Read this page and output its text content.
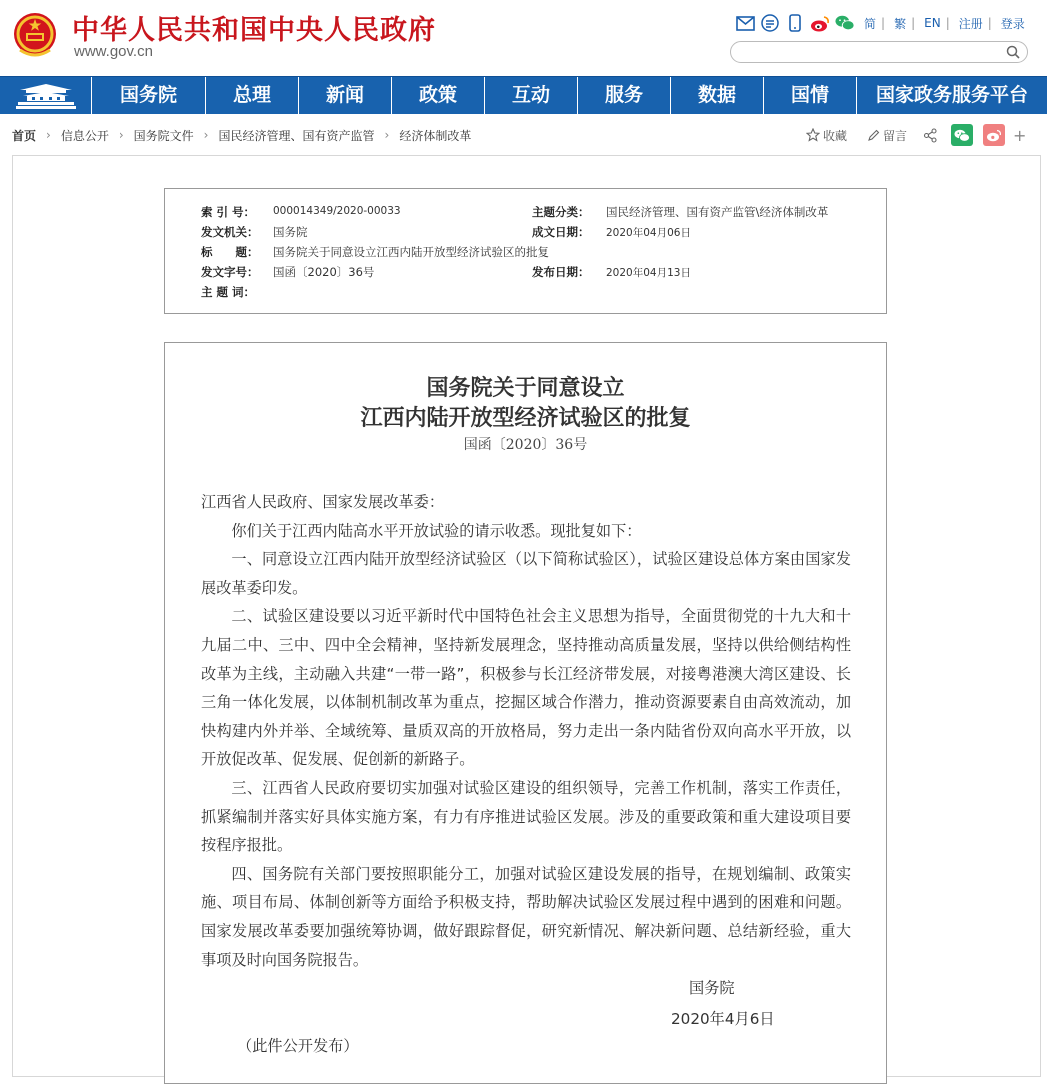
中华人民共和国中央人民政府
www.gov.cn
简 | 繁 | EN | 注册 | 登录
国务院	总理	新闻	政策	互动	服务	数据	国情	国家政务服务平台
首页 › 信息公开 › 国务院文件 › 国民经济管理、国有资产监管 › 经济体制改革	收藏	留言	+
索 引 号： 000014349/2020-00033	主题分类： 国民经济管理、国有资产监管\经济体制改革
发文机关： 国务院	成文日期： 2020年04月06日
标　　题： 国务院关于同意设立江西内陆开放型经济试验区的批复
发文字号： 国函〔2020〕36号	发布日期： 2020年04月13日
主 题 词：
国务院关于同意设立
江西内陆开放型经济试验区的批复
国函〔2020〕36号

江西省人民政府、国家发展改革委：

你们关于江西内陆高水平开放试验的请示收悉。现批复如下：

一、同意设立江西内陆开放型经济试验区（以下简称试验区），试验区建设总体方案由国家发展改革委印发。

二、试验区建设要以习近平新时代中国特色社会主义思想为指导，全面贯彻党的十九大和十九届二中、三中、四中全会精神，坚持新发展理念，坚持推动高质量发展，坚持以供给侧结构性改革为主线，主动融入共建“一带一路”，积极参与长江经济带发展，对接粤港澳大湾区建设、长三角一体化发展，以体制机制改革为重点，挖掘区域合作潜力，推动资源要素自由高效流动，加快构建内外并举、全域统筹、量质双高的开放格局，努力走出一条内陆省份双向高水平开放，以开放促改革、促发展、促创新的新路子。

三、江西省人民政府要切实加强对试验区建设的组织领导，完善工作机制，落实工作责任，抓紧编制并落实好具体实施方案，有力有序推进试验区发展。涉及的重要政策和重大建设项目要按程序报批。

四、国务院有关部门要按照职能分工，加强对试验区建设发展的指导，在规划编制、政策实施、项目布局、体制创新等方面给予积极支持，帮助解决试验区发展过程中遇到的困难和问题。国家发展改革委要加强统筹协调，做好跟踪督促，研究新情况、解决新问题、总结新经验，重大事项及时向国务院报告。

国务院
2020年4月6日
（此件公开发布）
